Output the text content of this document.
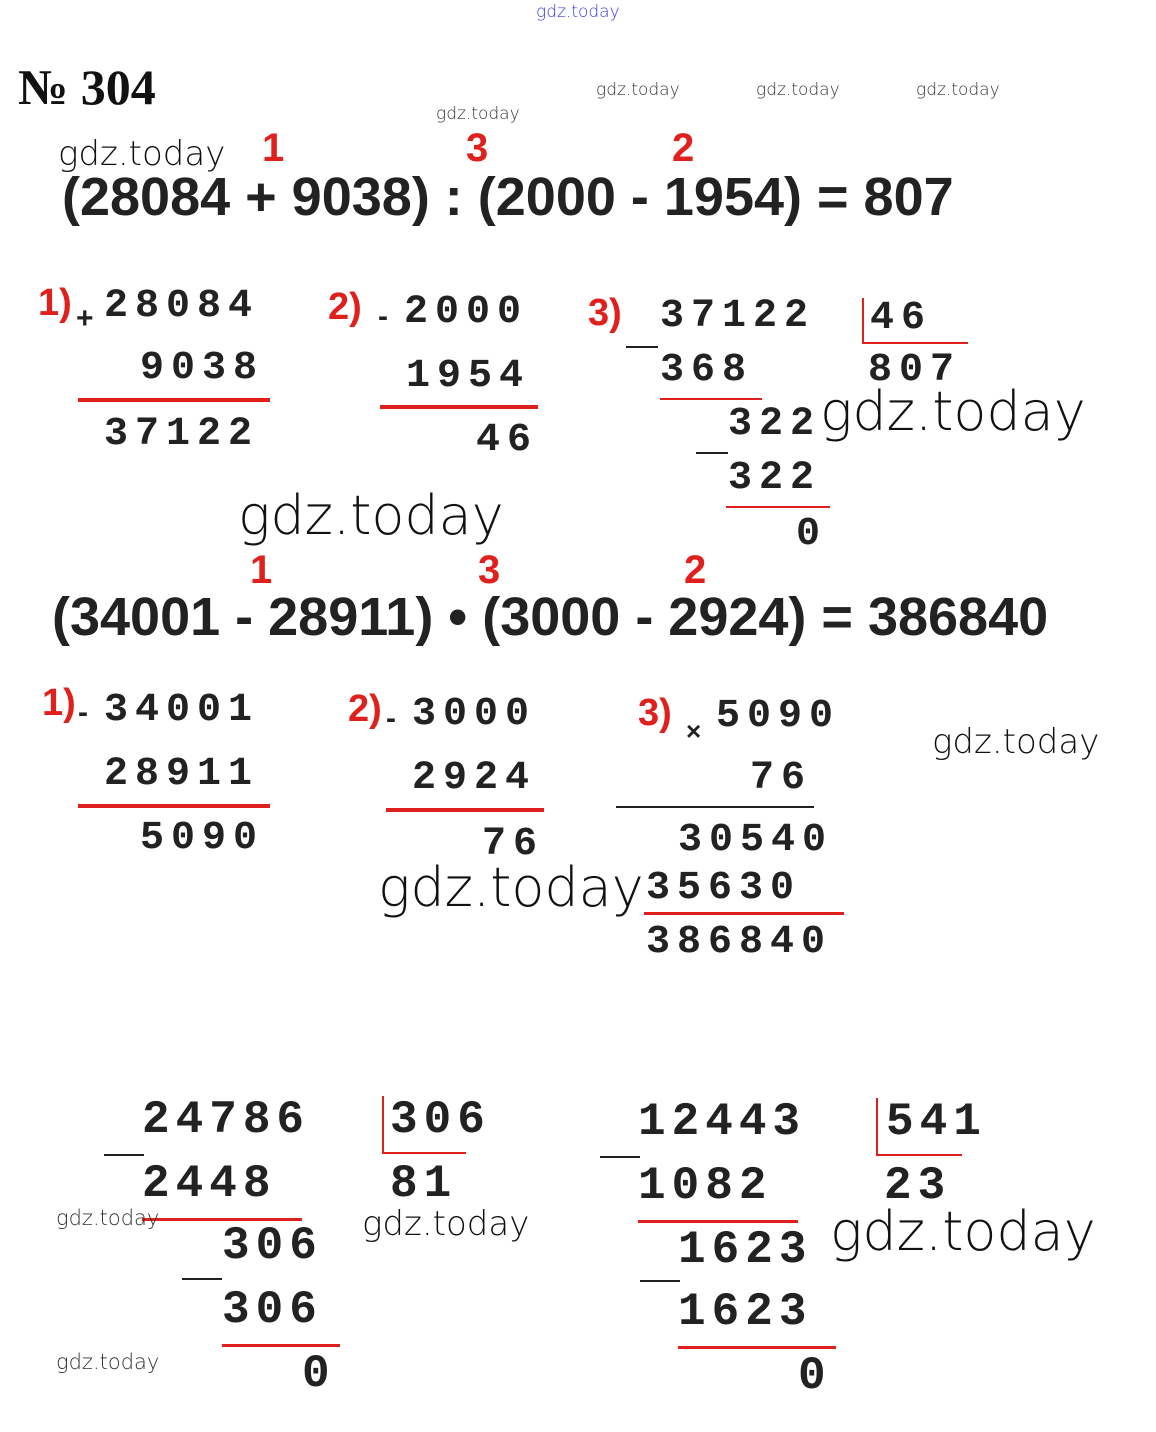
gdz.today
№ 304	gdz.today	gdz.today	gdz.today
gdz.today
gdz.today 1	3	2
(28084 + 9038) : (2000 - 1954) = 807
1) + 28084
9038
37122
2) - 2000
1954
46
3) 37122 46
807
368
322
322
0
gdz.today
gdz.today
1	3	2
(34001 - 28911) • (3000 - 2924) = 386840
1) - 34001
28911
5090
2) - 3000
2924
76
3) × 5090
76
30540
35630
386840
gdz.today
gdz.today
24786 306
81
2448
306
306
0
gdz.today	gdz.today
gdz.today
12443 541
23
1082
1623
1623
0
gdz.today
